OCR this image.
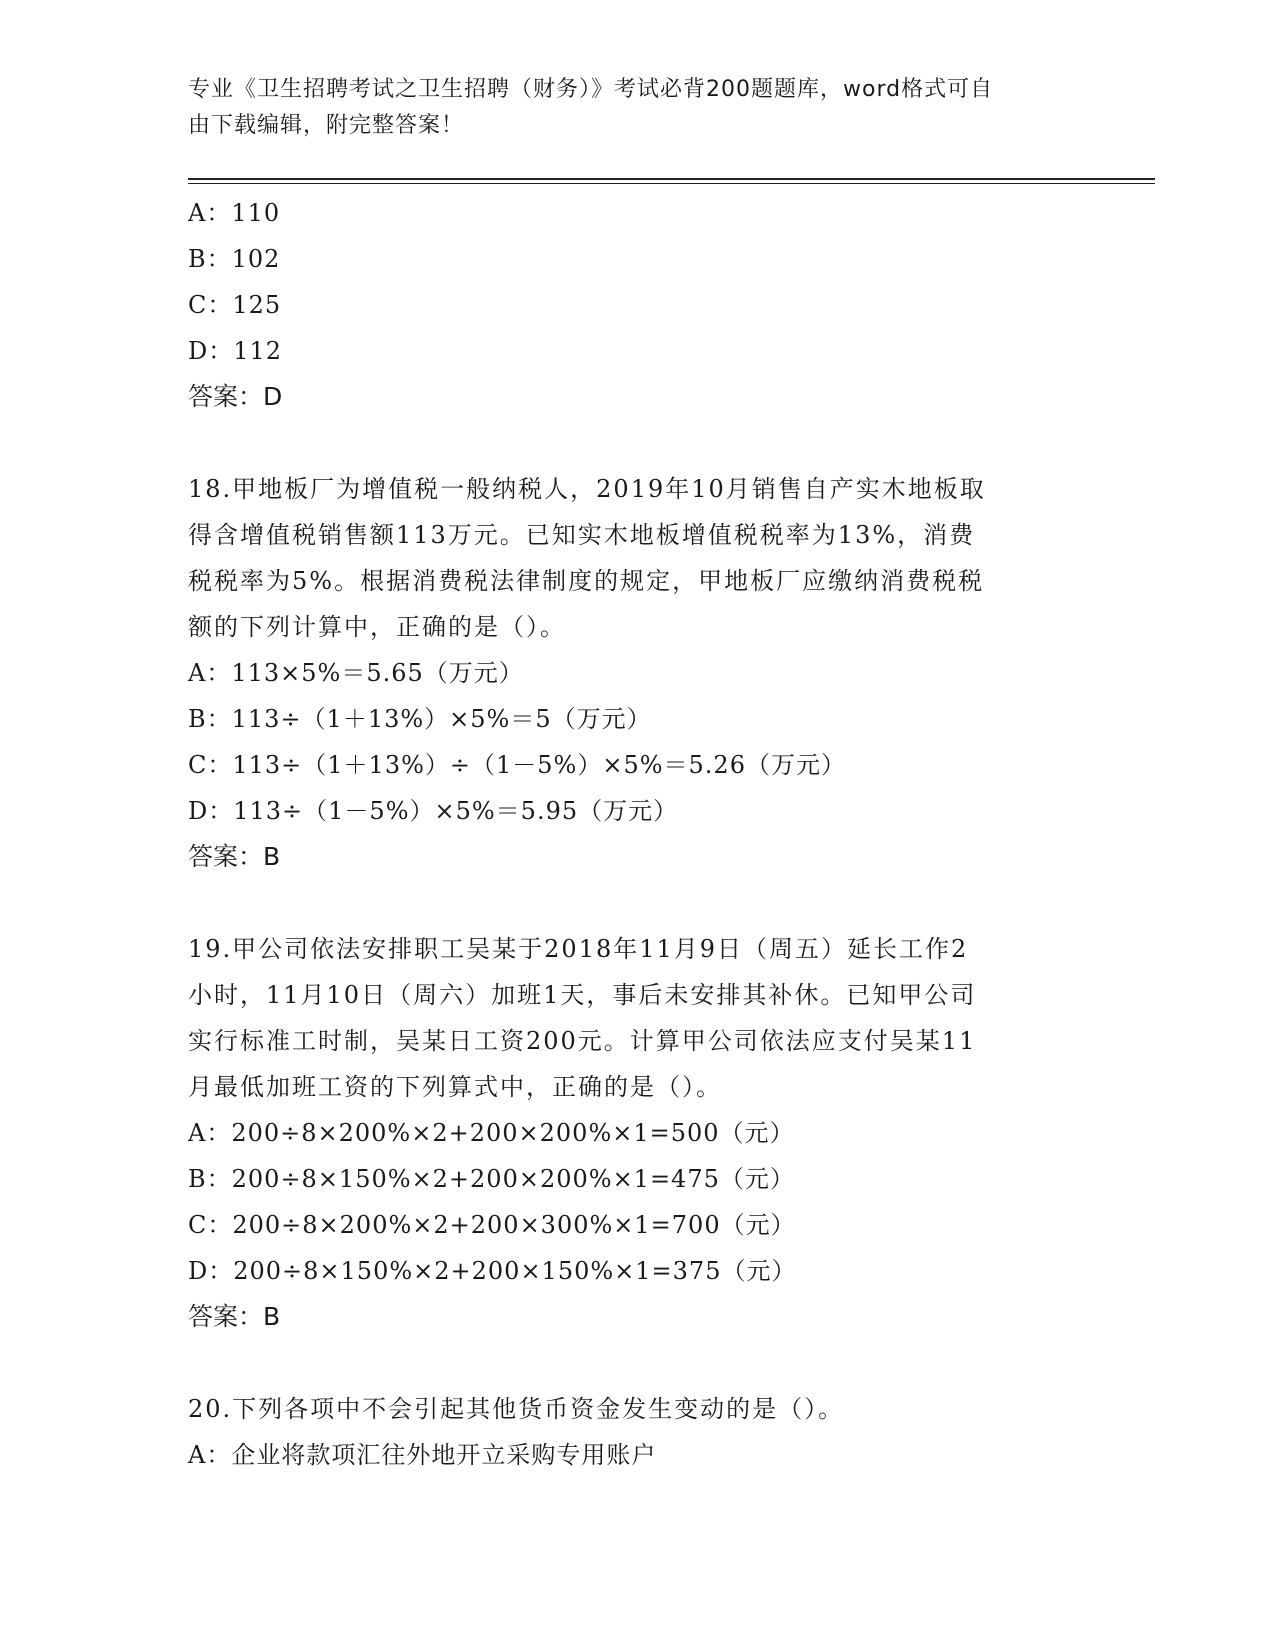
专业《卫生招聘考试之卫生招聘（财务）》考试必背200题题库，word格式可自
由下载编辑，附完整答案！
A：110
B：102
C：125
D：112
答案：D
18.甲地板厂为增值税一般纳税人，2019年10月销售自产实木地板取
得含增值税销售额113万元。已知实木地板增值税税率为13%，消费
税税率为5%。根据消费税法律制度的规定，甲地板厂应缴纳消费税税
额的下列计算中，正确的是（）。
A：113×5%＝5.65（万元）
B：113÷（1＋13%）×5%＝5（万元）
C：113÷（1＋13%）÷（1－5%）×5%＝5.26（万元）
D：113÷（1－5%）×5%＝5.95（万元）
答案：B
19.甲公司依法安排职工吴某于2018年11月9日（周五）延长工作2
小时，11月10日（周六）加班1天，事后未安排其补休。已知甲公司
实行标准工时制，吴某日工资200元。计算甲公司依法应支付吴某11
月最低加班工资的下列算式中，正确的是（）。
A：200÷8×200%×2+200×200%×1=500（元）
B：200÷8×150%×2+200×200%×1=475（元）
C：200÷8×200%×2+200×300%×1=700（元）
D：200÷8×150%×2+200×150%×1=375（元）
答案：B
20.下列各项中不会引起其他货币资金发生变动的是（）。
A：企业将款项汇往外地开立采购专用账户
